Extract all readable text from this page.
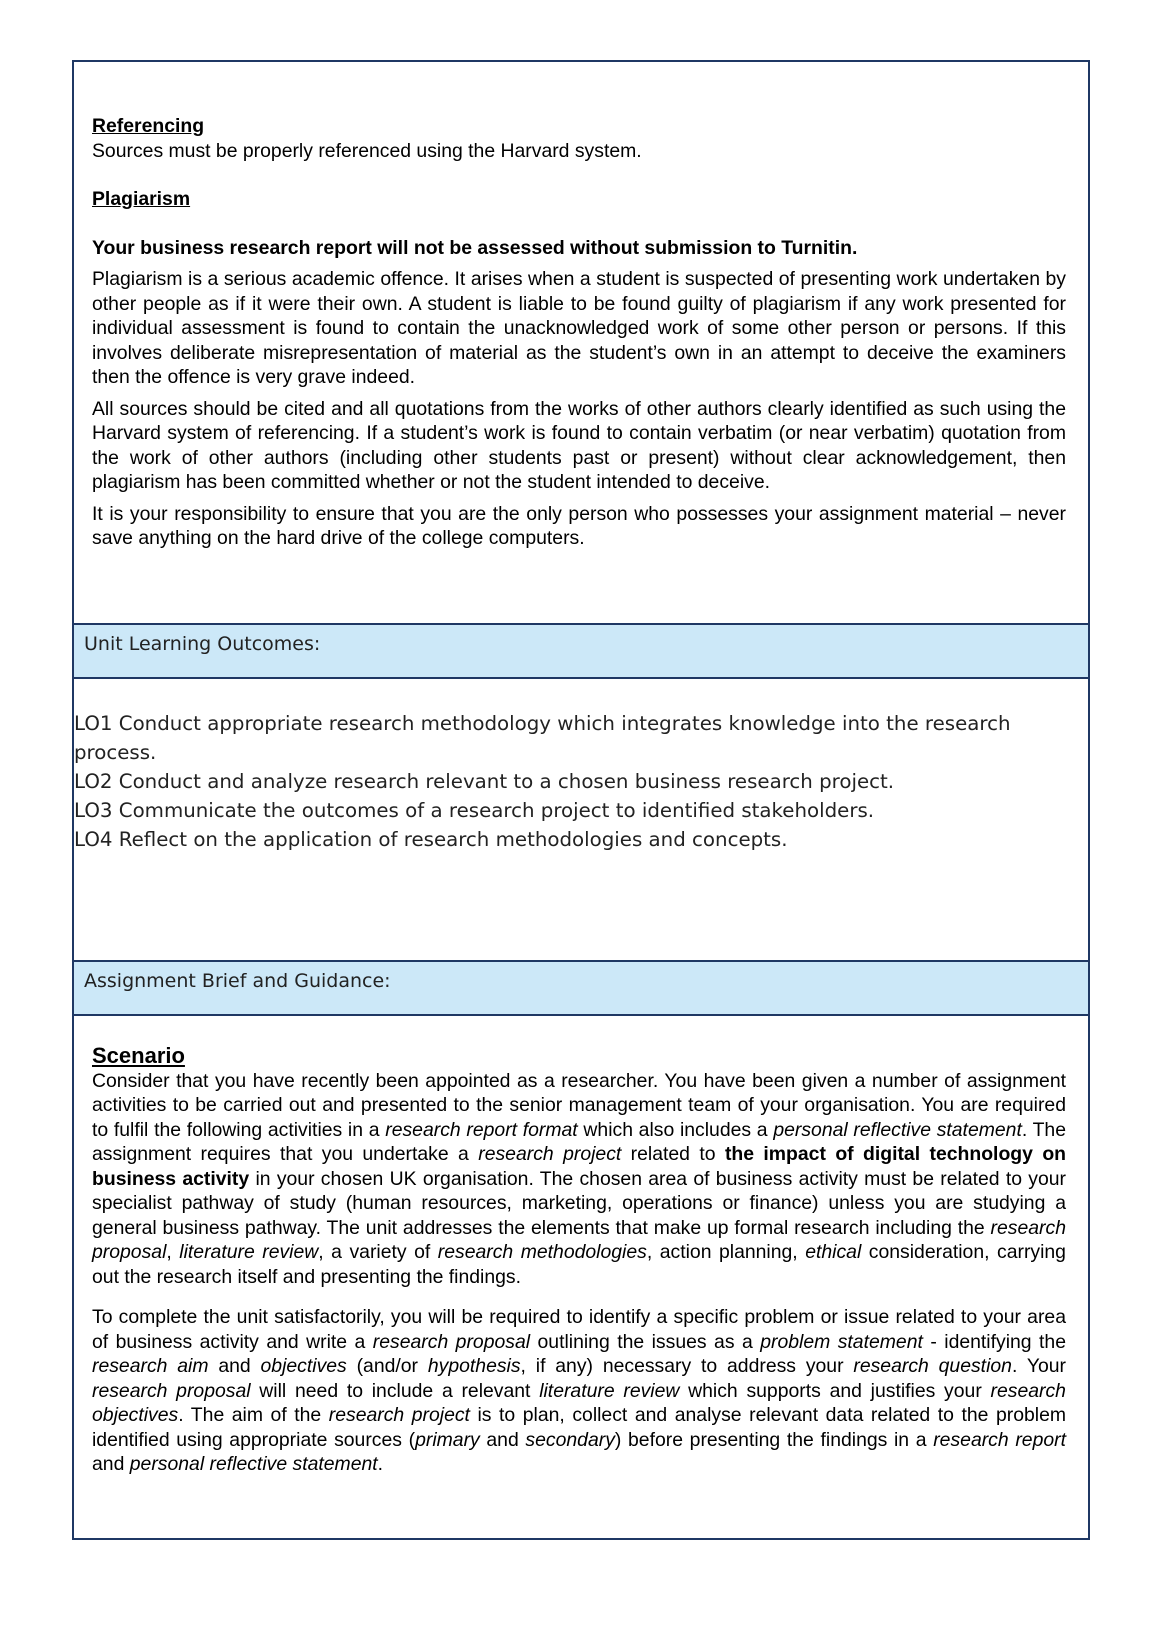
Referencing

Sources must be properly referenced using the Harvard system.

Plagiarism

Your business research report will not be assessed without submission to Turnitin.

Plagiarism is a serious academic offence. It arises when a student is suspected of presenting work undertaken by other people as if it were their own. A student is liable to be found guilty of plagiarism if any work presented for individual assessment is found to contain the unacknowledged work of some other person or persons. If this involves deliberate misrepresentation of material as the student’s own in an attempt to deceive the examiners then the offence is very grave indeed.

All sources should be cited and all quotations from the works of other authors clearly identified as such using the Harvard system of referencing. If a student’s work is found to contain verbatim (or near verbatim) quotation from the work of other authors (including other students past or present) without clear acknowledgement, then plagiarism has been committed whether or not the student intended to deceive.

It is your responsibility to ensure that you are the only person who possesses your assignment material – never save anything on the hard drive of the college computers.

Unit Learning Outcomes:
LO1 Conduct appropriate research methodology which integrates knowledge into the research process.
LO2 Conduct and analyze research relevant to a chosen business research project.
LO3 Communicate the outcomes of a research project to identified stakeholders.
LO4 Reflect on the application of research methodologies and concepts.
Assignment Brief and Guidance:

Scenario

Consider that you have recently been appointed as a researcher. You have been given a number of assignment activities to be carried out and presented to the senior management team of your organisation. You are required to fulfil the following activities in a research report format which also includes a personal reflective statement. The assignment requires that you undertake a research project related to the impact of digital technology on business activity in your chosen UK organisation. The chosen area of business activity must be related to your specialist pathway of study (human resources, marketing, operations or finance) unless you are studying a general business pathway. The unit addresses the elements that make up formal research including the research proposal, literature review, a variety of research methodologies, action planning, ethical consideration, carrying out the research itself and presenting the findings.

To complete the unit satisfactorily, you will be required to identify a specific problem or issue related to your area of business activity and write a research proposal outlining the issues as a problem statement - identifying the research aim and objectives (and/or hypothesis, if any) necessary to address your research question. Your research proposal will need to include a relevant literature review which supports and justifies your research objectives. The aim of the research project is to plan, collect and analyse relevant data related to the problem identified using appropriate sources (primary and secondary) before presenting the findings in a research report and personal reflective statement.
